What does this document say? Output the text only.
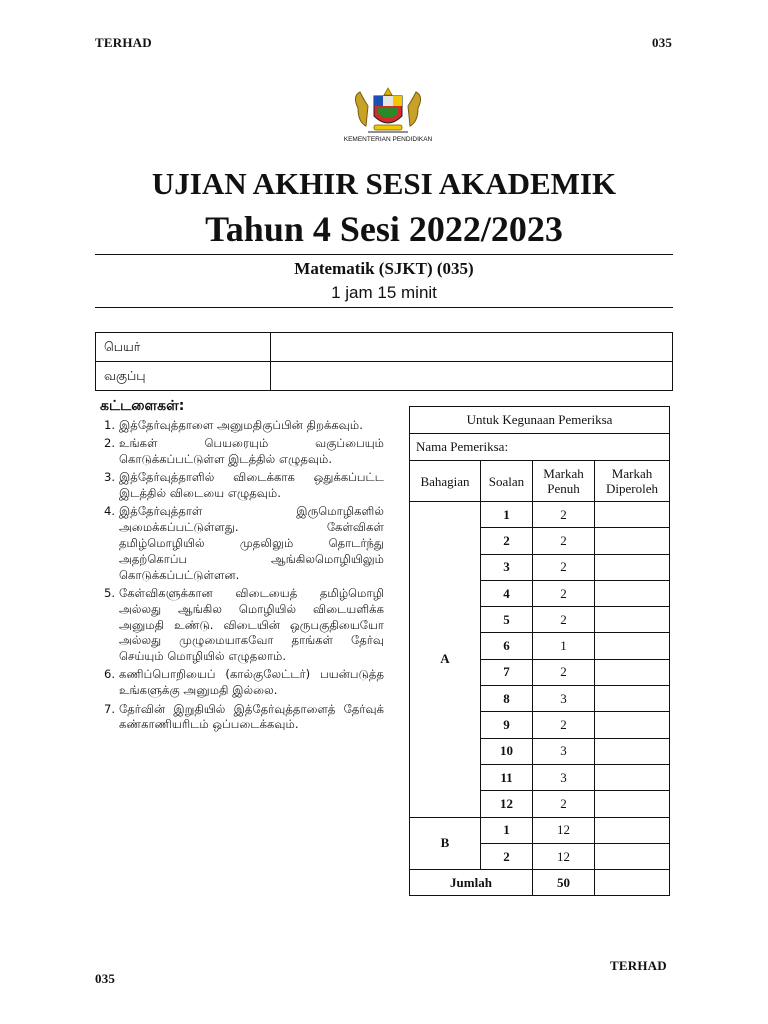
TERHAD	035
KEMENTERIAN PENDIDIKAN
UJIAN AKHIR SESI AKADEMIK
Tahun 4 Sesi 2022/2023
Matematik (SJKT) (035)
1 jam 15 minit
பெயர்	
வகுப்பு	
கட்டளைகள்:
1. இத்தேர்வுத்தாளை அனுமதிகுப்பின் திறக்கவும்.
2. உங்கள் பெயரையும் வகுப்பையும் கொடுக்கப்பட்டுள்ள இடத்தில் எழுதவும்.
3. இத்தேர்வுத்தாளில் விடைக்காக ஒதுக்கப்பட்ட இடத்தில் விடையை எழுதவும்.
4. இத்தேர்வுத்தாள் இருமொழிகளில் அமைக்கப்பட்டுள்ளது. கேள்விகள் தமிழ்மொழியில் முதலிலும் தொடர்ந்து அதற்கொப்ப ஆங்கிலமொழியிலும் கொடுக்கப்பட்டுள்ளன.
5. கேள்விகளுக்கான விடையைத் தமிழ்மொழி அல்லது ஆங்கில மொழியில் விடையளிக்க அனுமதி உண்டு. விடையின் ஒருபகுதியையோ அல்லது முழுமையாகவோ தாங்கள் தேர்வு செய்யும் மொழியில் எழுதலாம்.
6. கணிப்பொறியைப் (கால்குலேட்டர்) பயன்படுத்த உங்களுக்கு அனுமதி இல்லை.
7. தேர்வின் இறுதியில் இத்தேர்வுத்தாளைத் தேர்வுக் கண்காணியரிடம் ஒப்படைக்கவும்.
Untuk Kegunaan Pemeriksa			
Nama Pemeriksa:			
Bahagian	Soalan	Markah Penuh	Markah Diperoleh
A	1	2	
	2	2	
	3	2	
	4	2	
	5	2	
	6	1	
	7	2	
	8	3	
	9	2	
	10	3	
	11	3	
	12	2	
B	1	12	
	2	12	
Jumlah		50	
035
TERHAD
